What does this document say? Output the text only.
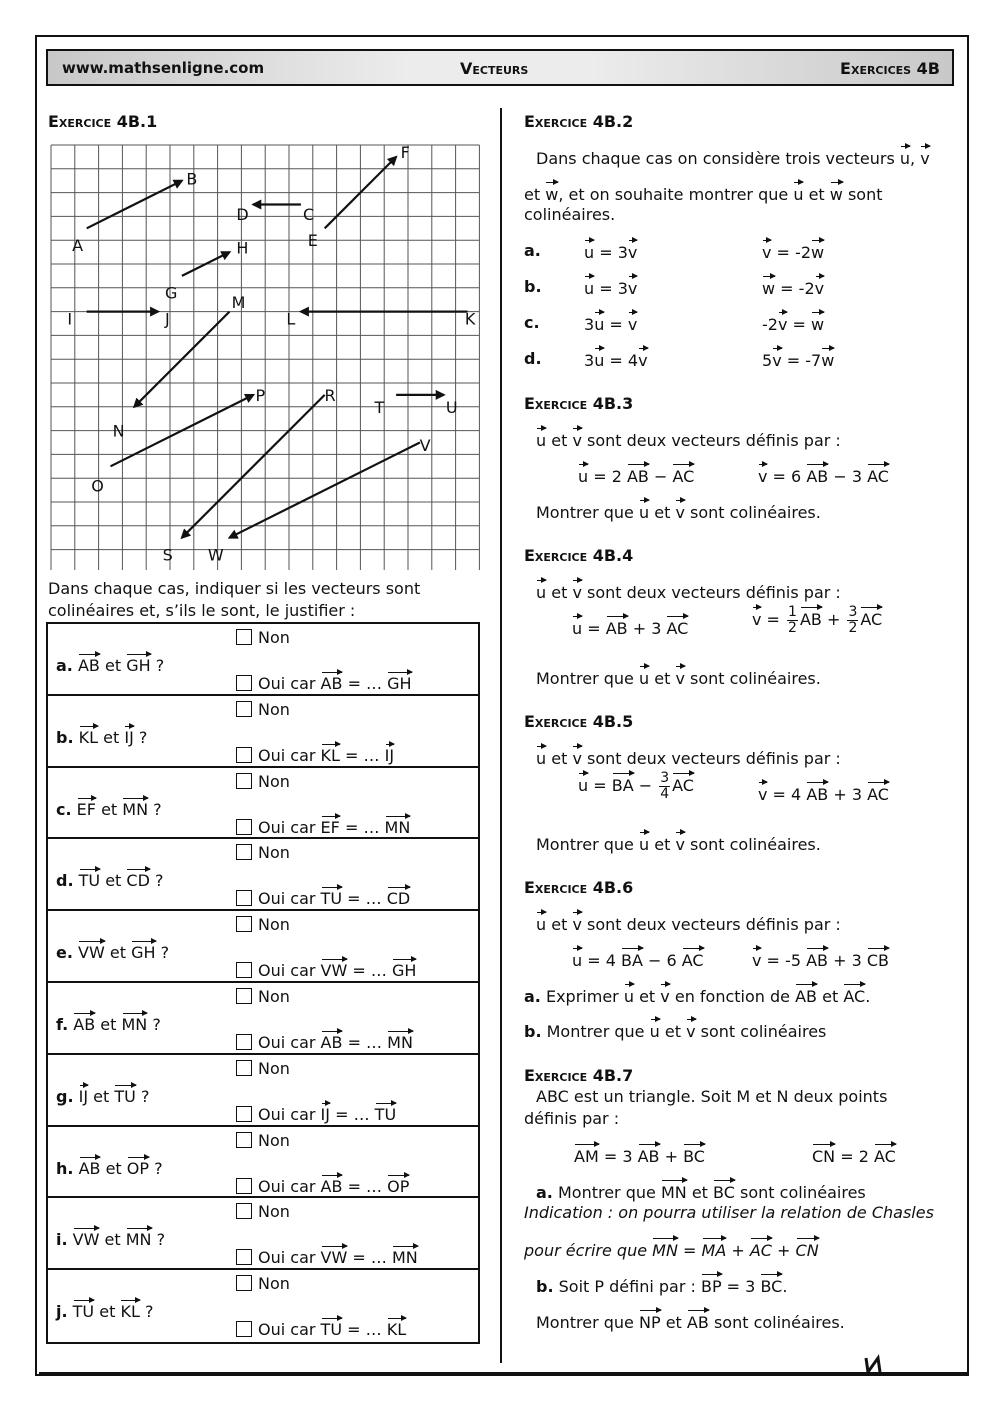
www.mathsenligne.com	Vecteurs	Exercices 4B
Exercice 4B.1
A
B
C
D
E
F
G
H
I	J	K
L
M
N
O
P	R
S
T	U
V
W
Dans chaque cas, indiquer si les vecteurs sont
colinéaires et, s’ils le sont, le justifier :
a. AB et GH ?
Non
Oui car AB = … GH
b. KL et IJ ?
Non
Oui car KL = … IJ
c. EF et MN ?
Non
Oui car EF = … MN
d. TU et CD ?
Non
Oui car TU = … CD
e. VW et GH ?
Non
Oui car VW = … GH
f. AB et MN ?
Non
Oui car AB = … MN
g. IJ et TU ?
Non
Oui car IJ = … TU
h. AB et OP ?
Non
Oui car AB = … OP
i. VW et MN ?
Non
Oui car VW = … MN
j. TU et KL ?
Non
Oui car TU = … KL
Exercice 4B.2
Dans chaque cas on considère trois vecteurs u, v
et w, et on souhaite montrer que u et w sont
colinéaires.
a.	u = 3v	v = -2w
b.	u = 3v	w = -2v
c.	3u = v	-2v = w
d.	3u = 4v	5v = -7w
Exercice 4B.3
u et v sont deux vecteurs définis par :
u = 2 AB − AC	v = 6 AB − 3 AC
Montrer que u et v sont colinéaires.
Exercice 4B.4
u et v sont deux vecteurs définis par :
u = AB + 3 AC	$v = \frac{1}{2}$ AB + $\frac{3}{2}$ AC
Montrer que u et v sont colinéaires.
Exercice 4B.5
u et v sont deux vecteurs définis par :
u = BA − $\frac{3}{4}$ AC	v = 4 AB + 3 AC
Montrer que u et v sont colinéaires.
Exercice 4B.6
u et v sont deux vecteurs définis par :
u = 4 BA − 6 AC	v = -5 AB + 3 CB
a. Exprimer u et v en fonction de AB et AC.
b. Montrer que u et v sont colinéaires
Exercice 4B.7
ABC est un triangle. Soit M et N deux points
définis par :
AM = 3 AB + BC	CN = 2 AC
a. Montrer que MN et BC sont colinéaires
Indication : on pourra utiliser la relation de Chasles
pour écrire que MN = MA + AC + CN
b. Soit P défini par : BP = 3 BC.
Montrer que NP et AB sont colinéaires.
